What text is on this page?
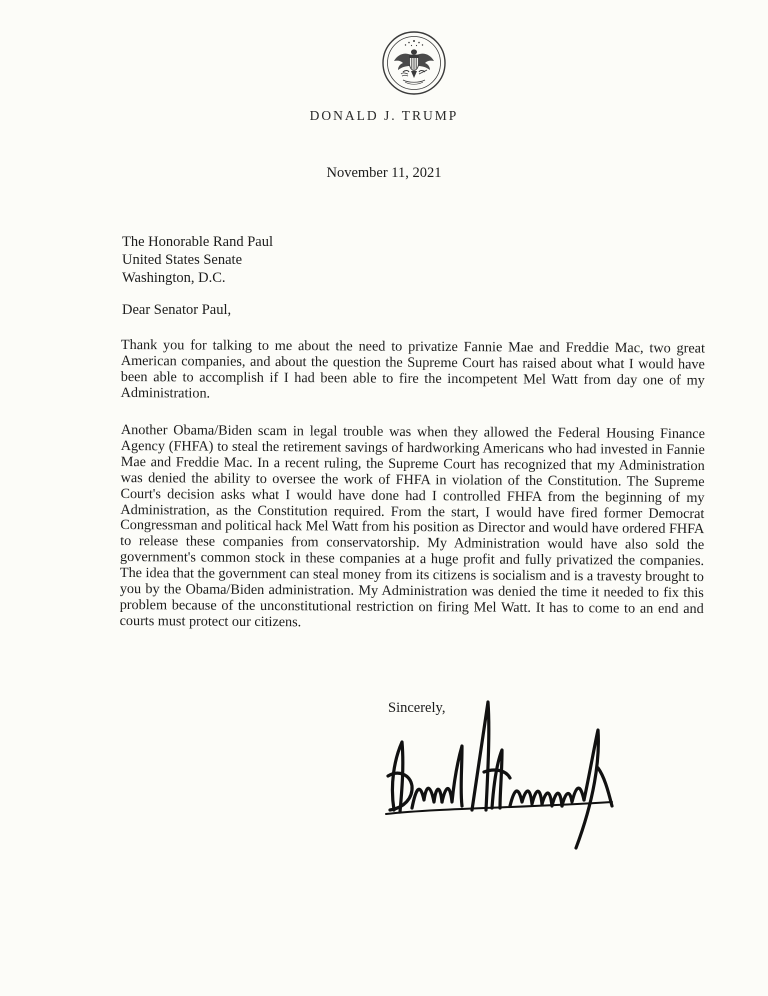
DONALD J. TRUMP
November 11, 2021
The Honorable Rand Paul
United States Senate
Washington, D.C.
Dear Senator Paul,
Thank you for talking to me about the need to privatize Fannie Mae and Freddie Mac, two great American companies, and about the question the Supreme Court has raised about what I would have been able to accomplish if I had been able to fire the incompetent Mel Watt from day one of my Administration.
Another Obama/Biden scam in legal trouble was when they allowed the Federal Housing Finance Agency (FHFA) to steal the retirement savings of hardworking Americans who had invested in Fannie Mae and Freddie Mac. In a recent ruling, the Supreme Court has recognized that my Administration was denied the ability to oversee the work of FHFA in violation of the Constitution. The Supreme Court's decision asks what I would have done had I controlled FHFA from the beginning of my Administration, as the Constitution required. From the start, I would have fired former Democrat Congressman and political hack Mel Watt from his position as Director and would have ordered FHFA to release these companies from conservatorship. My Administration would have also sold the government's common stock in these companies at a huge profit and fully privatized the companies. The idea that the government can steal money from its citizens is socialism and is a travesty brought to you by the Obama/Biden administration. My Administration was denied the time it needed to fix this problem because of the unconstitutional restriction on firing Mel Watt. It has to come to an end and courts must protect our citizens.
Sincerely,
